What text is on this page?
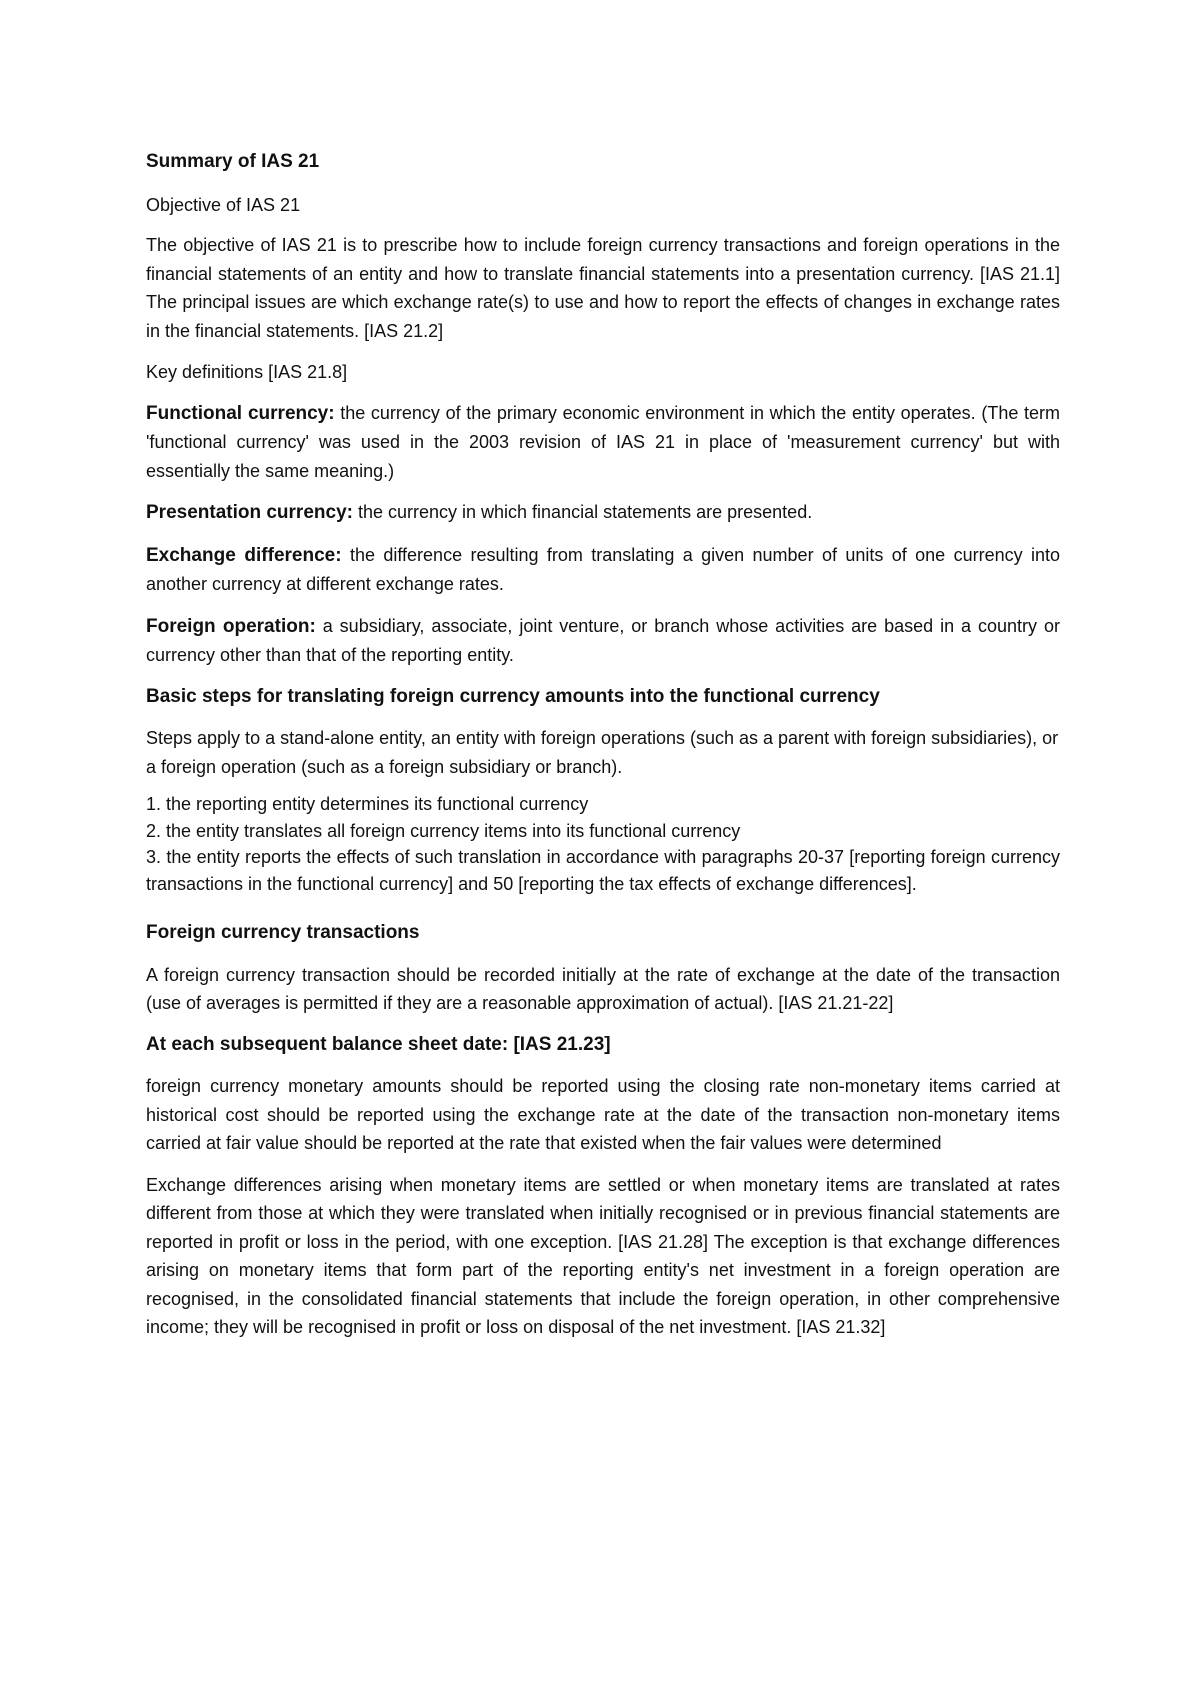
Summary of IAS 21

Objective of IAS 21

The objective of IAS 21 is to prescribe how to include foreign currency transactions and foreign operations in the financial statements of an entity and how to translate financial statements into a presentation currency. [IAS 21.1] The principal issues are which exchange rate(s) to use and how to report the effects of changes in exchange rates in the financial statements. [IAS 21.2]

Key definitions [IAS 21.8]

Functional currency: the currency of the primary economic environment in which the entity operates. (The term 'functional currency' was used in the 2003 revision of IAS 21 in place of 'measurement currency' but with essentially the same meaning.)

Presentation currency: the currency in which financial statements are presented.

Exchange difference: the difference resulting from translating a given number of units of one currency into another currency at different exchange rates.

Foreign operation: a subsidiary, associate, joint venture, or branch whose activities are based in a country or currency other than that of the reporting entity.

Basic steps for translating foreign currency amounts into the functional currency

Steps apply to a stand-alone entity, an entity with foreign operations (such as a parent with foreign subsidiaries), or a foreign operation (such as a foreign subsidiary or branch).

1. the reporting entity determines its functional currency

2. the entity translates all foreign currency items into its functional currency

3. the entity reports the effects of such translation in accordance with paragraphs 20-37 [reporting foreign currency transactions in the functional currency] and 50 [reporting the tax effects of exchange differences].

Foreign currency transactions

A foreign currency transaction should be recorded initially at the rate of exchange at the date of the transaction (use of averages is permitted if they are a reasonable approximation of actual). [IAS 21.21-22]

At each subsequent balance sheet date: [IAS 21.23]

foreign currency monetary amounts should be reported using the closing rate non-monetary items carried at historical cost should be reported using the exchange rate at the date of the transaction non-monetary items carried at fair value should be reported at the rate that existed when the fair values were determined

Exchange differences arising when monetary items are settled or when monetary items are translated at rates different from those at which they were translated when initially recognised or in previous financial statements are reported in profit or loss in the period, with one exception. [IAS 21.28] The exception is that exchange differences arising on monetary items that form part of the reporting entity's net investment in a foreign operation are recognised, in the consolidated financial statements that include the foreign operation, in other comprehensive income; they will be recognised in profit or loss on disposal of the net investment. [IAS 21.32]
